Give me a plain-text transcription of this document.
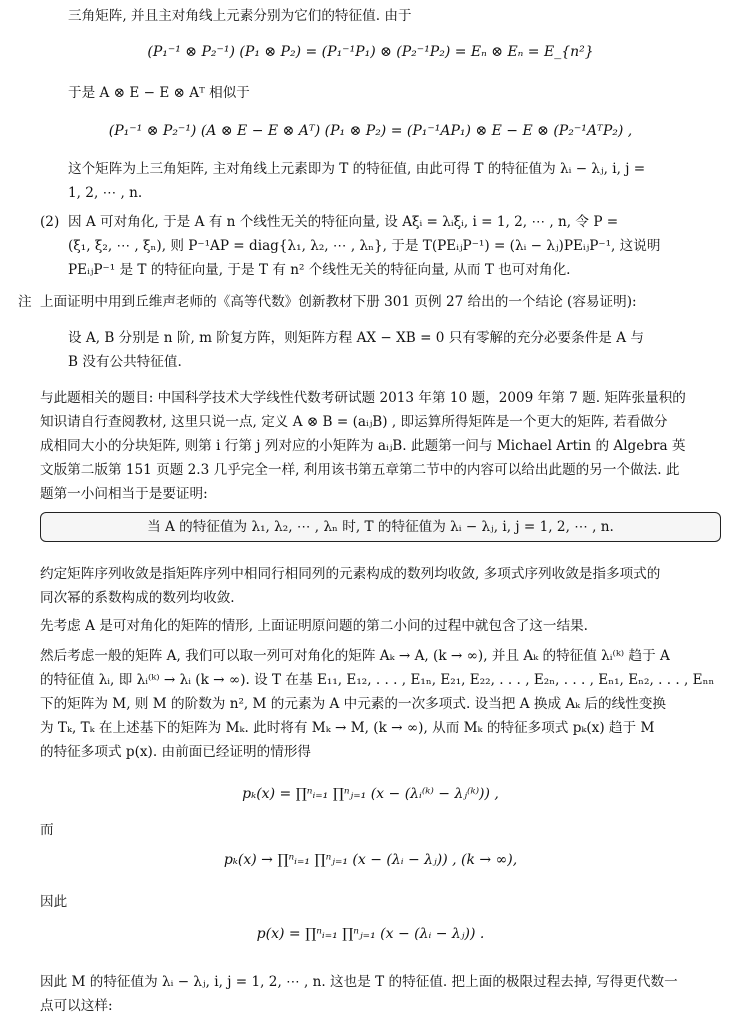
三角矩阵, 并且主对角线上元素分别为它们的特征值. 由于
(P₁⁻¹ ⊗ P₂⁻¹) (P₁ ⊗ P₂) = (P₁⁻¹P₁) ⊗ (P₂⁻¹P₂) = Eₙ ⊗ Eₙ = E_{n²}
于是 A ⊗ E − E ⊗ Aᵀ 相似于
(P₁⁻¹ ⊗ P₂⁻¹) (A ⊗ E − E ⊗ Aᵀ) (P₁ ⊗ P₂) = (P₁⁻¹AP₁) ⊗ E − E ⊗ (P₂⁻¹AᵀP₂) ,
这个矩阵为上三角矩阵, 主对角线上元素即为 T 的特征值, 由此可得 T 的特征值为 λᵢ − λⱼ, i, j =
1, 2, ⋯ , n.
(2) 因 A 可对角化, 于是 A 有 n 个线性无关的特征向量, 设 Aξᵢ = λᵢξᵢ, i = 1, 2, ⋯ , n, 令 P =
(ξ₁, ξ₂, ⋯ , ξₙ), 则 P⁻¹AP = diag{λ₁, λ₂, ⋯ , λₙ}, 于是 T(PEᵢⱼP⁻¹) = (λᵢ − λⱼ)PEᵢⱼP⁻¹, 这说明
PEᵢⱼP⁻¹ 是 T 的特征向量, 于是 T 有 n² 个线性无关的特征向量, 从而 T 也可对角化.
注 上面证明中用到丘维声老师的《高等代数》创新教材下册 301 页例 27 给出的一个结论 (容易证明):
设 A, B 分别是 n 阶, m 阶复方阵，则矩阵方程 AX − XB = 0 只有零解的充分必要条件是 A 与
B 没有公共特征值.
与此题相关的题目: 中国科学技术大学线性代数考研试题 2013 年第 10 题，2009 年第 7 题. 矩阵张量积的
知识请自行查阅教材, 这里只说一点, 定义 A ⊗ B = (aᵢⱼB) , 即运算所得矩阵是一个更大的矩阵, 若看做分
成相同大小的分块矩阵, 则第 i 行第 j 列对应的小矩阵为 aᵢⱼB. 此题第一问与 Michael Artin 的 Algebra 英
文版第二版第 151 页题 2.3 几乎完全一样, 利用该书第五章第二节中的内容可以给出此题的另一个做法. 此
题第一小问相当于是要证明:
当 A 的特征值为 λ₁, λ₂, ⋯ , λₙ 时, T 的特征值为 λᵢ − λⱼ, i, j = 1, 2, ⋯ , n.
约定矩阵序列收敛是指矩阵序列中相同行相同列的元素构成的数列均收敛, 多项式序列收敛是指多项式的
同次幂的系数构成的数列均收敛.
先考虑 A 是可对角化的矩阵的情形, 上面证明原问题的第二小问的过程中就包含了这一结果.
然后考虑一般的矩阵 A, 我们可以取一列可对角化的矩阵 Aₖ → A, (k → ∞), 并且 Aₖ 的特征值 λᵢ⁽ᵏ⁾ 趋于 A
的特征值 λᵢ, 即 λᵢ⁽ᵏ⁾ → λᵢ (k → ∞). 设 T 在基 E₁₁, E₁₂, . . . , E₁ₙ, E₂₁, E₂₂, . . . , E₂ₙ, . . . , Eₙ₁, Eₙ₂, . . . , Eₙₙ
下的矩阵为 M, 则 M 的阶数为 n², M 的元素为 A 中元素的一次多项式. 设当把 A 换成 Aₖ 后的线性变换
为 Tₖ, Tₖ 在上述基下的矩阵为 Mₖ. 此时将有 Mₖ → M, (k → ∞), 从而 Mₖ 的特征多项式 pₖ(x) 趋于 M
的特征多项式 p(x). 由前面已经证明的情形得
pₖ(x) = ∏ⁿᵢ₌₁ ∏ⁿⱼ₌₁ (x − (λᵢ⁽ᵏ⁾ − λⱼ⁽ᵏ⁾)) ,
而
pₖ(x) → ∏ⁿᵢ₌₁ ∏ⁿⱼ₌₁ (x − (λᵢ − λⱼ)) , (k → ∞),
因此
p(x) = ∏ⁿᵢ₌₁ ∏ⁿⱼ₌₁ (x − (λᵢ − λⱼ)) .
因此 M 的特征值为 λᵢ − λⱼ, i, j = 1, 2, ⋯ , n. 这也是 T 的特征值. 把上面的极限过程去掉, 写得更代数一
点可以这样:
